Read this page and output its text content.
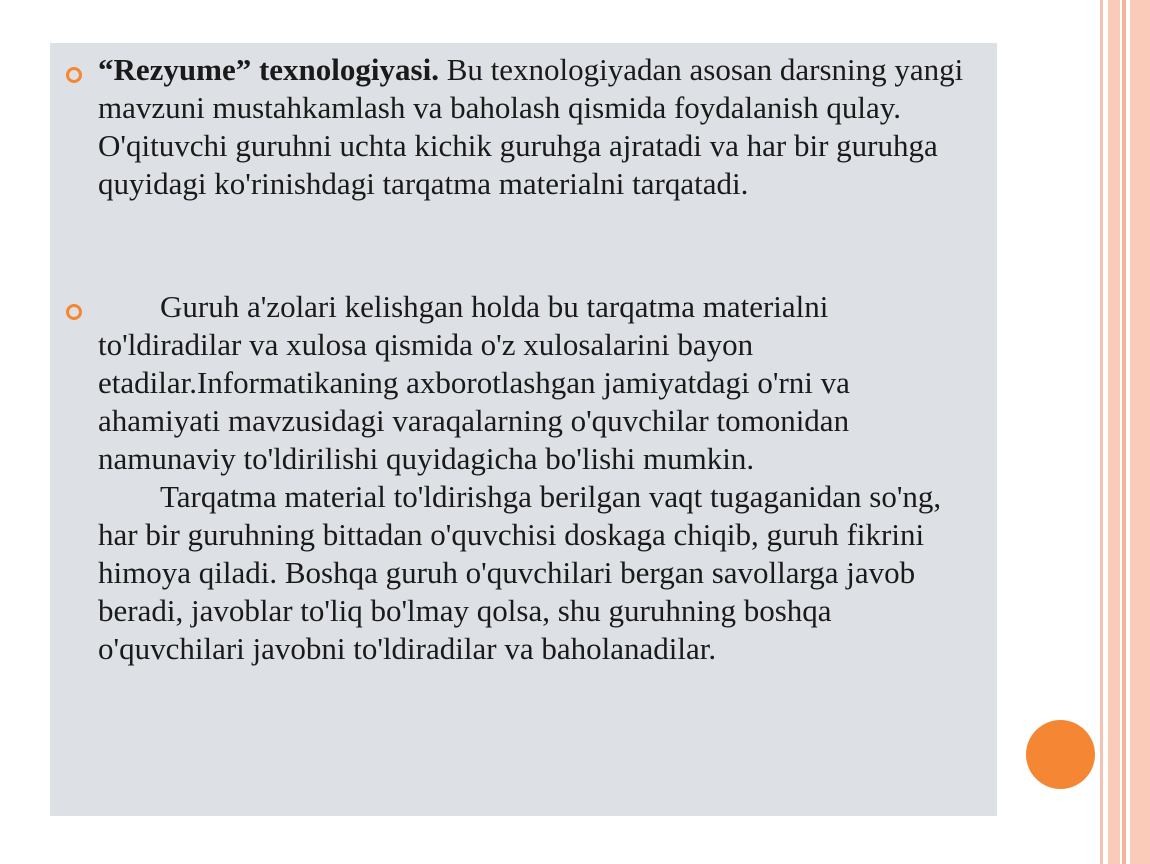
“Rezyume” texnologiyasi. Bu texnologiyadan asosan darsning yangi mavzuni mustahkamlash va baholash qismida foydalanish qulay. O'qituvchi guruhni uchta kichik guruhga ajratadi va har bir guruhga quyidagi ko'rinishdagi tarqatma materialni tarqatadi.
Guruh a'zolari kelishgan holda bu tarqatma materialni to'ldiradilar va xulosa qismida o'z xulosalarini bayon etadilar.Informatikaning axborotlashgan jamiyatdagi o'rni va ahamiyati mavzusidagi varaqalarning o'quvchilar tomonidan namunaviy to'ldirilishi quyidagicha bo'lishi mumkin.
Tarqatma material to'ldirishga berilgan vaqt tugaganidan so'ng, har bir guruhning bittadan o'quvchisi doskaga chiqib, guruh fikrini himoya qiladi. Boshqa guruh o'quvchilari bergan savollarga javob beradi, javoblar to'liq bo'lmay qolsa, shu guruhning boshqa o'quvchilari javobni to'ldiradilar va baholanadilar.
